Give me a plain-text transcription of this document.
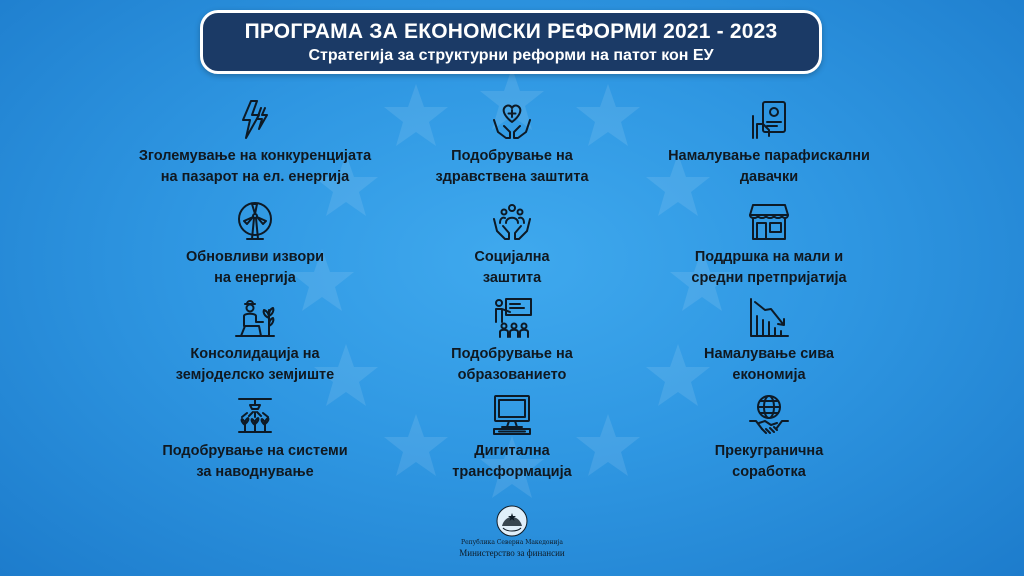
ПРОГРАМА ЗА ЕКОНОМСКИ РЕФОРМИ 2021 - 2023
Стратегија за структурни реформи на патот кон ЕУ
Зголемување на конкуренцијата
на пазарот на ел. енергија
Подобрување на
здравствена заштита
Намалување парафискални
давачки
Обновливи извори
на енергија
Социјална
заштита
Поддршка на мали и
средни претпријатија
Консолидација на
земјоделско земјиште
Подобрување на
образованието
Намалување сива
економија
Подобрување на системи
за наводнување
Дигитална
трансформација
Прекугранична
соработка
Република Северна Македонија
Министерство за финансии
